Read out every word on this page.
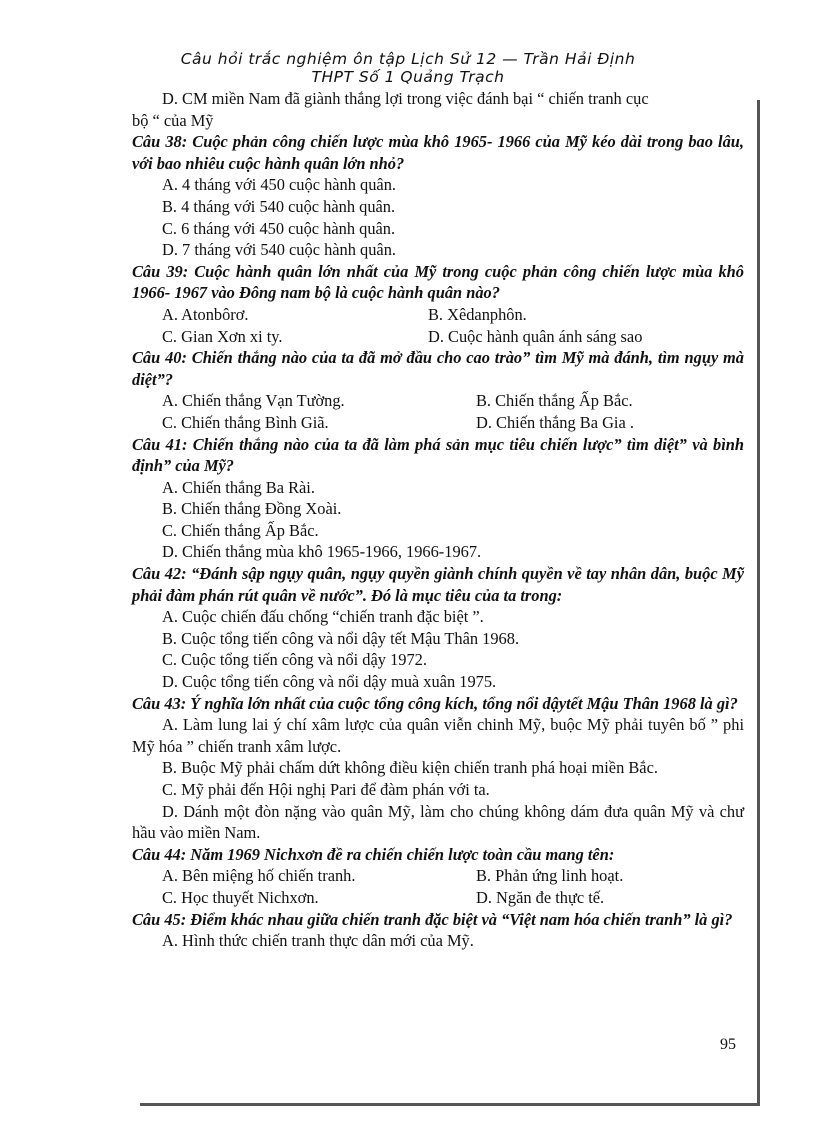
Câu hỏi trắc nghiệm ôn tập Lịch Sử 12 — Trần Hải Định
THPT Số 1 Quảng Trạch

D. CM miền Nam đã giành thắng lợi trong việc đánh bại “ chiến tranh cục

bộ “ của Mỹ

Câu 38: Cuộc phản công chiến lược mùa khô 1965- 1966 của Mỹ kéo dài trong bao lâu, với bao nhiêu cuộc hành quân lớn nhỏ?

A. 4 tháng với 450 cuộc hành quân.

B. 4 tháng với 540 cuộc hành quân.

C. 6 tháng với 450 cuộc hành quân.

D. 7 tháng với 540 cuộc hành quân.

Câu 39: Cuộc hành quân lớn nhất của Mỹ trong cuộc phản công chiến lược mùa khô 1966- 1967 vào Đông nam bộ là cuộc hành quân nào?

A. Atonbôrơ.	B. Xêdanphôn.
C. Gian Xơn xi ty.	D. Cuộc hành quân ánh sáng sao

Câu 40: Chiến thắng nào của ta đã mở đầu cho cao trào” tìm Mỹ mà đánh, tìm ngụy mà diệt”?

A. Chiến thắng Vạn Tường.	B. Chiến thắng Ấp Bắc.
C. Chiến thắng Bình Giã.	D. Chiến thắng Ba Gia .

Câu 41: Chiến thắng nào của ta đã làm phá sản mục tiêu chiến lược” tìm diệt” và bình định” của Mỹ?

A. Chiến thắng Ba Rài.

B. Chiến thắng Đồng Xoài.

C. Chiến thắng Ấp Bắc.

D. Chiến thắng mùa khô 1965-1966, 1966-1967.

Câu 42: “Đánh sập ngụy quân, ngụy quyền giành chính quyền về tay nhân dân, buộc Mỹ phải đàm phán rút quân về nước”. Đó là mục tiêu của ta trong:

A. Cuộc chiến đấu chống “chiến tranh đặc biệt ”.

B. Cuộc tổng tiến công và nổi dậy tết Mậu Thân 1968.

C. Cuộc tổng tiến công và nổi dậy 1972.

D. Cuộc tổng tiến công và nổi dậy muà xuân 1975.

Câu 43: Ý nghĩa lớn nhất của cuộc tổng công kích, tổng nổi dậytết Mậu Thân 1968 là gì?

A. Làm lung lai ý chí xâm lược của quân viễn chinh Mỹ, buộc Mỹ phải tuyên bố ” phi Mỹ hóa ” chiến tranh xâm lược.

B. Buộc Mỹ phải chấm dứt không điều kiện chiến tranh phá hoại miền Bắc.

C. Mỹ phải đến Hội nghị Pari để đàm phán với ta.

D. Dánh một đòn nặng vào quân Mỹ, làm cho chúng không dám đưa quân Mỹ và chư hầu vào miền Nam.

Câu 44: Năm 1969 Nichxơn đề ra chiến chiến lược toàn cầu mang tên:

A. Bên miệng hố chiến tranh.	B. Phản ứng linh hoạt.
C. Học thuyết Nichxơn.	D. Ngăn đe thực tế.

Câu 45: Điểm khác nhau giữa chiến tranh đặc biệt và “Việt nam hóa chiến tranh” là gì?

A. Hình thức chiến tranh thực dân mới của Mỹ.

95
